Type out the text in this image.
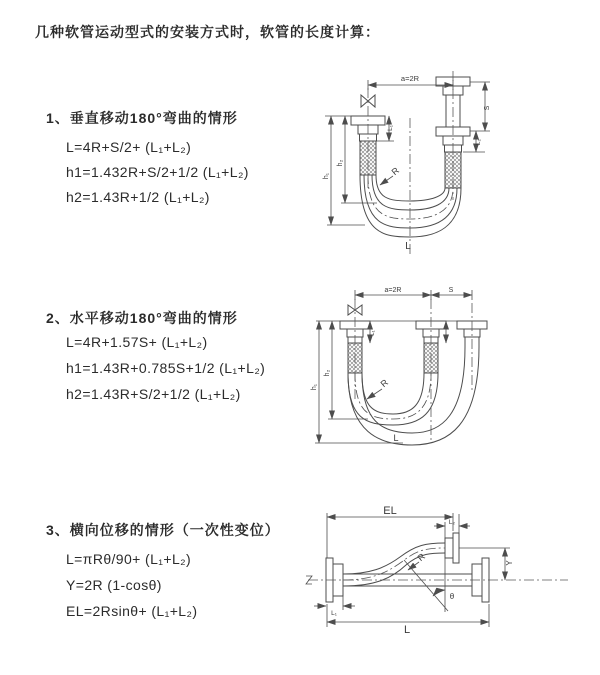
几种软管运动型式的安装方式时，软管的长度计算：
1、垂直移动180°弯曲的情形
L=4R+S/2+ (L₁+L₂)
h1=1.432R+S/2+1/2 (L₁+L₂)
h2=1.43R+1/2 (L₁+L₂)
2、水平移动180°弯曲的情形
L=4R+1.57S+ (L₁+L₂)
h1=1.43R+0.785S+1/2 (L₁+L₂)
h2=1.43R+S/2+1/2 (L₁+L₂)
3、横向位移的情形（一次性变位）
L=πRθ/90+ (L₁+L₂)
Y=2R (1-cosθ)
EL=2Rsinθ+ (L₁+L₂)
a=2R
L₁
S
L₂
h₂
h₁	R
L
a=2R	S
L₁
h₂
h₁	R
L
EL
L₂
Y
R
θ
L₁
L
